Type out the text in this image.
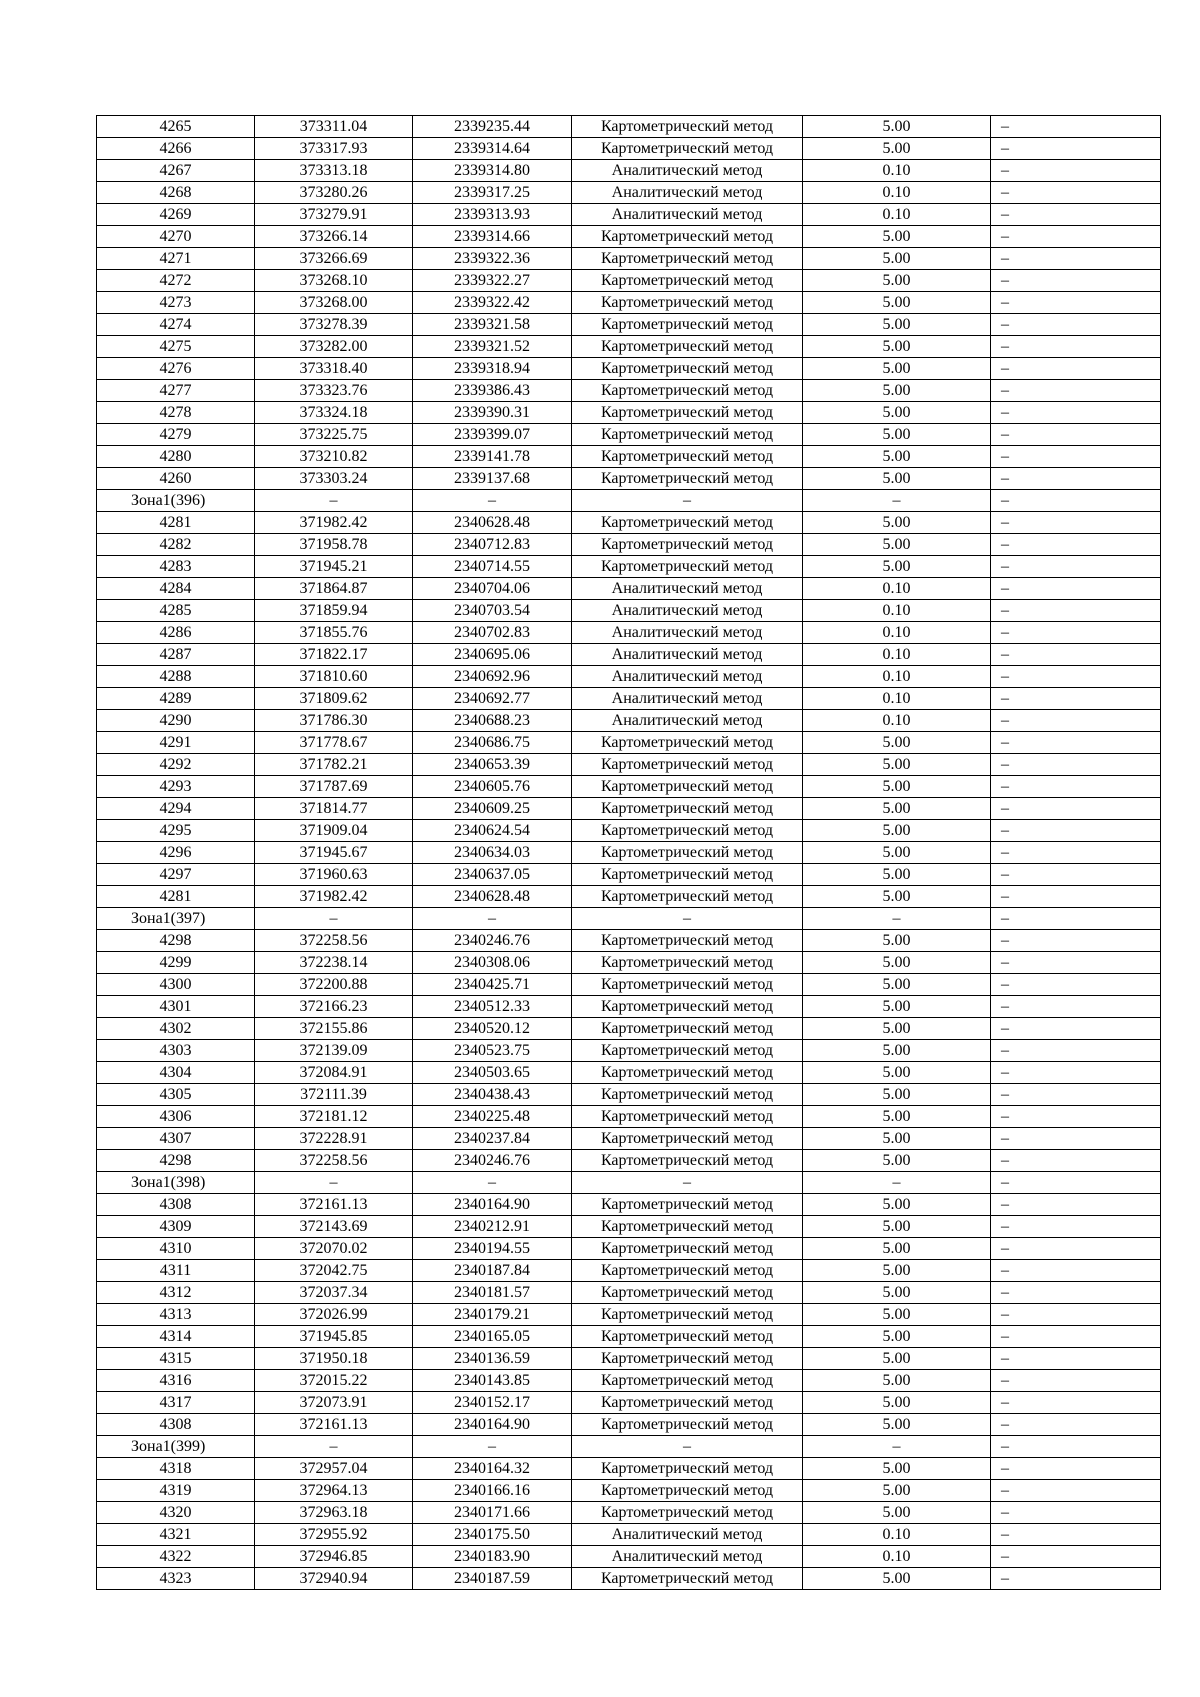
4265	373311.04	2339235.44	Картометрический метод	5.00	–
4266	373317.93	2339314.64	Картометрический метод	5.00	–
4267	373313.18	2339314.80	Аналитический метод	0.10	–
4268	373280.26	2339317.25	Аналитический метод	0.10	–
4269	373279.91	2339313.93	Аналитический метод	0.10	–
4270	373266.14	2339314.66	Картометрический метод	5.00	–
4271	373266.69	2339322.36	Картометрический метод	5.00	–
4272	373268.10	2339322.27	Картометрический метод	5.00	–
4273	373268.00	2339322.42	Картометрический метод	5.00	–
4274	373278.39	2339321.58	Картометрический метод	5.00	–
4275	373282.00	2339321.52	Картометрический метод	5.00	–
4276	373318.40	2339318.94	Картометрический метод	5.00	–
4277	373323.76	2339386.43	Картометрический метод	5.00	–
4278	373324.18	2339390.31	Картометрический метод	5.00	–
4279	373225.75	2339399.07	Картометрический метод	5.00	–
4280	373210.82	2339141.78	Картометрический метод	5.00	–
4260	373303.24	2339137.68	Картометрический метод	5.00	–
Зона1(396)	–	–	–	–	–
4281	371982.42	2340628.48	Картометрический метод	5.00	–
4282	371958.78	2340712.83	Картометрический метод	5.00	–
4283	371945.21	2340714.55	Картометрический метод	5.00	–
4284	371864.87	2340704.06	Аналитический метод	0.10	–
4285	371859.94	2340703.54	Аналитический метод	0.10	–
4286	371855.76	2340702.83	Аналитический метод	0.10	–
4287	371822.17	2340695.06	Аналитический метод	0.10	–
4288	371810.60	2340692.96	Аналитический метод	0.10	–
4289	371809.62	2340692.77	Аналитический метод	0.10	–
4290	371786.30	2340688.23	Аналитический метод	0.10	–
4291	371778.67	2340686.75	Картометрический метод	5.00	–
4292	371782.21	2340653.39	Картометрический метод	5.00	–
4293	371787.69	2340605.76	Картометрический метод	5.00	–
4294	371814.77	2340609.25	Картометрический метод	5.00	–
4295	371909.04	2340624.54	Картометрический метод	5.00	–
4296	371945.67	2340634.03	Картометрический метод	5.00	–
4297	371960.63	2340637.05	Картометрический метод	5.00	–
4281	371982.42	2340628.48	Картометрический метод	5.00	–
Зона1(397)	–	–	–	–	–
4298	372258.56	2340246.76	Картометрический метод	5.00	–
4299	372238.14	2340308.06	Картометрический метод	5.00	–
4300	372200.88	2340425.71	Картометрический метод	5.00	–
4301	372166.23	2340512.33	Картометрический метод	5.00	–
4302	372155.86	2340520.12	Картометрический метод	5.00	–
4303	372139.09	2340523.75	Картометрический метод	5.00	–
4304	372084.91	2340503.65	Картометрический метод	5.00	–
4305	372111.39	2340438.43	Картометрический метод	5.00	–
4306	372181.12	2340225.48	Картометрический метод	5.00	–
4307	372228.91	2340237.84	Картометрический метод	5.00	–
4298	372258.56	2340246.76	Картометрический метод	5.00	–
Зона1(398)	–	–	–	–	–
4308	372161.13	2340164.90	Картометрический метод	5.00	–
4309	372143.69	2340212.91	Картометрический метод	5.00	–
4310	372070.02	2340194.55	Картометрический метод	5.00	–
4311	372042.75	2340187.84	Картометрический метод	5.00	–
4312	372037.34	2340181.57	Картометрический метод	5.00	–
4313	372026.99	2340179.21	Картометрический метод	5.00	–
4314	371945.85	2340165.05	Картометрический метод	5.00	–
4315	371950.18	2340136.59	Картометрический метод	5.00	–
4316	372015.22	2340143.85	Картометрический метод	5.00	–
4317	372073.91	2340152.17	Картометрический метод	5.00	–
4308	372161.13	2340164.90	Картометрический метод	5.00	–
Зона1(399)	–	–	–	–	–
4318	372957.04	2340164.32	Картометрический метод	5.00	–
4319	372964.13	2340166.16	Картометрический метод	5.00	–
4320	372963.18	2340171.66	Картометрический метод	5.00	–
4321	372955.92	2340175.50	Аналитический метод	0.10	–
4322	372946.85	2340183.90	Аналитический метод	0.10	–
4323	372940.94	2340187.59	Картометрический метод	5.00	–
